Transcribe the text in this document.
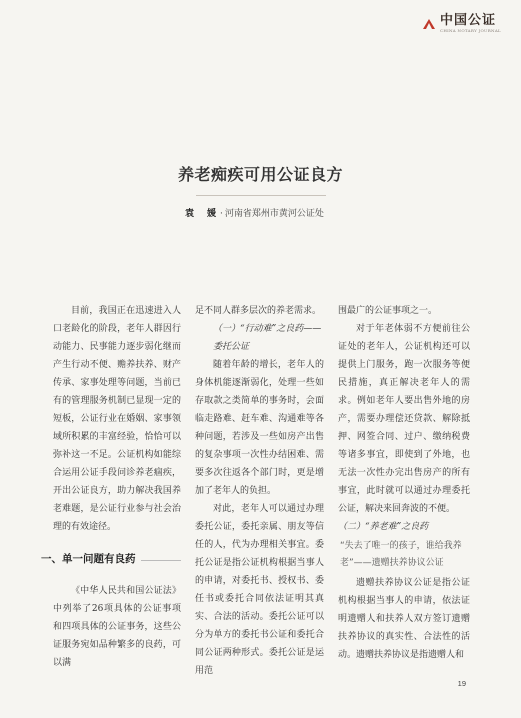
中国公证
CHINA NOTARY JOURNAL
养老痴疾可用公证良方
袁　媛 · 河南省郑州市黄河公证处

目前，我国正在迅速进入人口老龄化的阶段，老年人群因行动能力、民事能力逐步弱化继而产生行动不便、赡养扶养、财产传承、家事处理等问题，当前已有的管理服务机制已显现一定的短板，公证行业在婚姻、家事领域所积累的丰富经验，恰恰可以弥补这一不足。公证机构如能综合运用公证手段问诊养老痼疾，开出公证良方，助力解决我国养老难题，是公证行业参与社会治理的有效途径。

一、单一问题有良药

《中华人民共和国公证法》中列举了26项具体的公证事项和四项具体的公证事务，这些公证服务宛如品种繁多的良药，可以满

足不同人群多层次的养老需求。

（一）“行动难”之良药——

委托公证

随着年龄的增长，老年人的身体机能逐渐弱化，处理一些如存取款之类简单的事务时，会面临走路难、赶车难、沟通难等各种问题，若涉及一些如房产出售的复杂事项一次性办结困难、需要多次往返各个部门时，更是增加了老年人的负担。

对此，老年人可以通过办理委托公证，委托亲属、朋友等信任的人，代为办理相关事宜。委托公证是指公证机构根据当事人的申请，对委托书、授权书、委任书或委托合同依法证明其真实、合法的活动。委托公证可以分为单方的委托书公证和委托合同公证两种形式。委托公证是运用范

围最广的公证事项之一。

对于年老体弱不方便前往公证处的老年人，公证机构还可以提供上门服务，跑一次服务等便民措施，真正解决老年人的需求。例如老年人要出售外地的房产，需要办理偿还贷款、解除抵押、网签合同、过户、缴纳税费等诸多事宜，即使到了外地，也无法一次性办完出售房产的所有事宜，此时就可以通过办理委托公证，解决来回奔波的不便。

（二）“养老难”之良药

“失去了唯一的孩子，谁给我养老”——遗赠扶养协议公证

遗赠扶养协议公证是指公证机构根据当事人的申请，依法证明遗赠人和扶养人双方签订遗赠扶养协议的真实性、合法性的活动。遗赠扶养协议是指遗赠人和

19
